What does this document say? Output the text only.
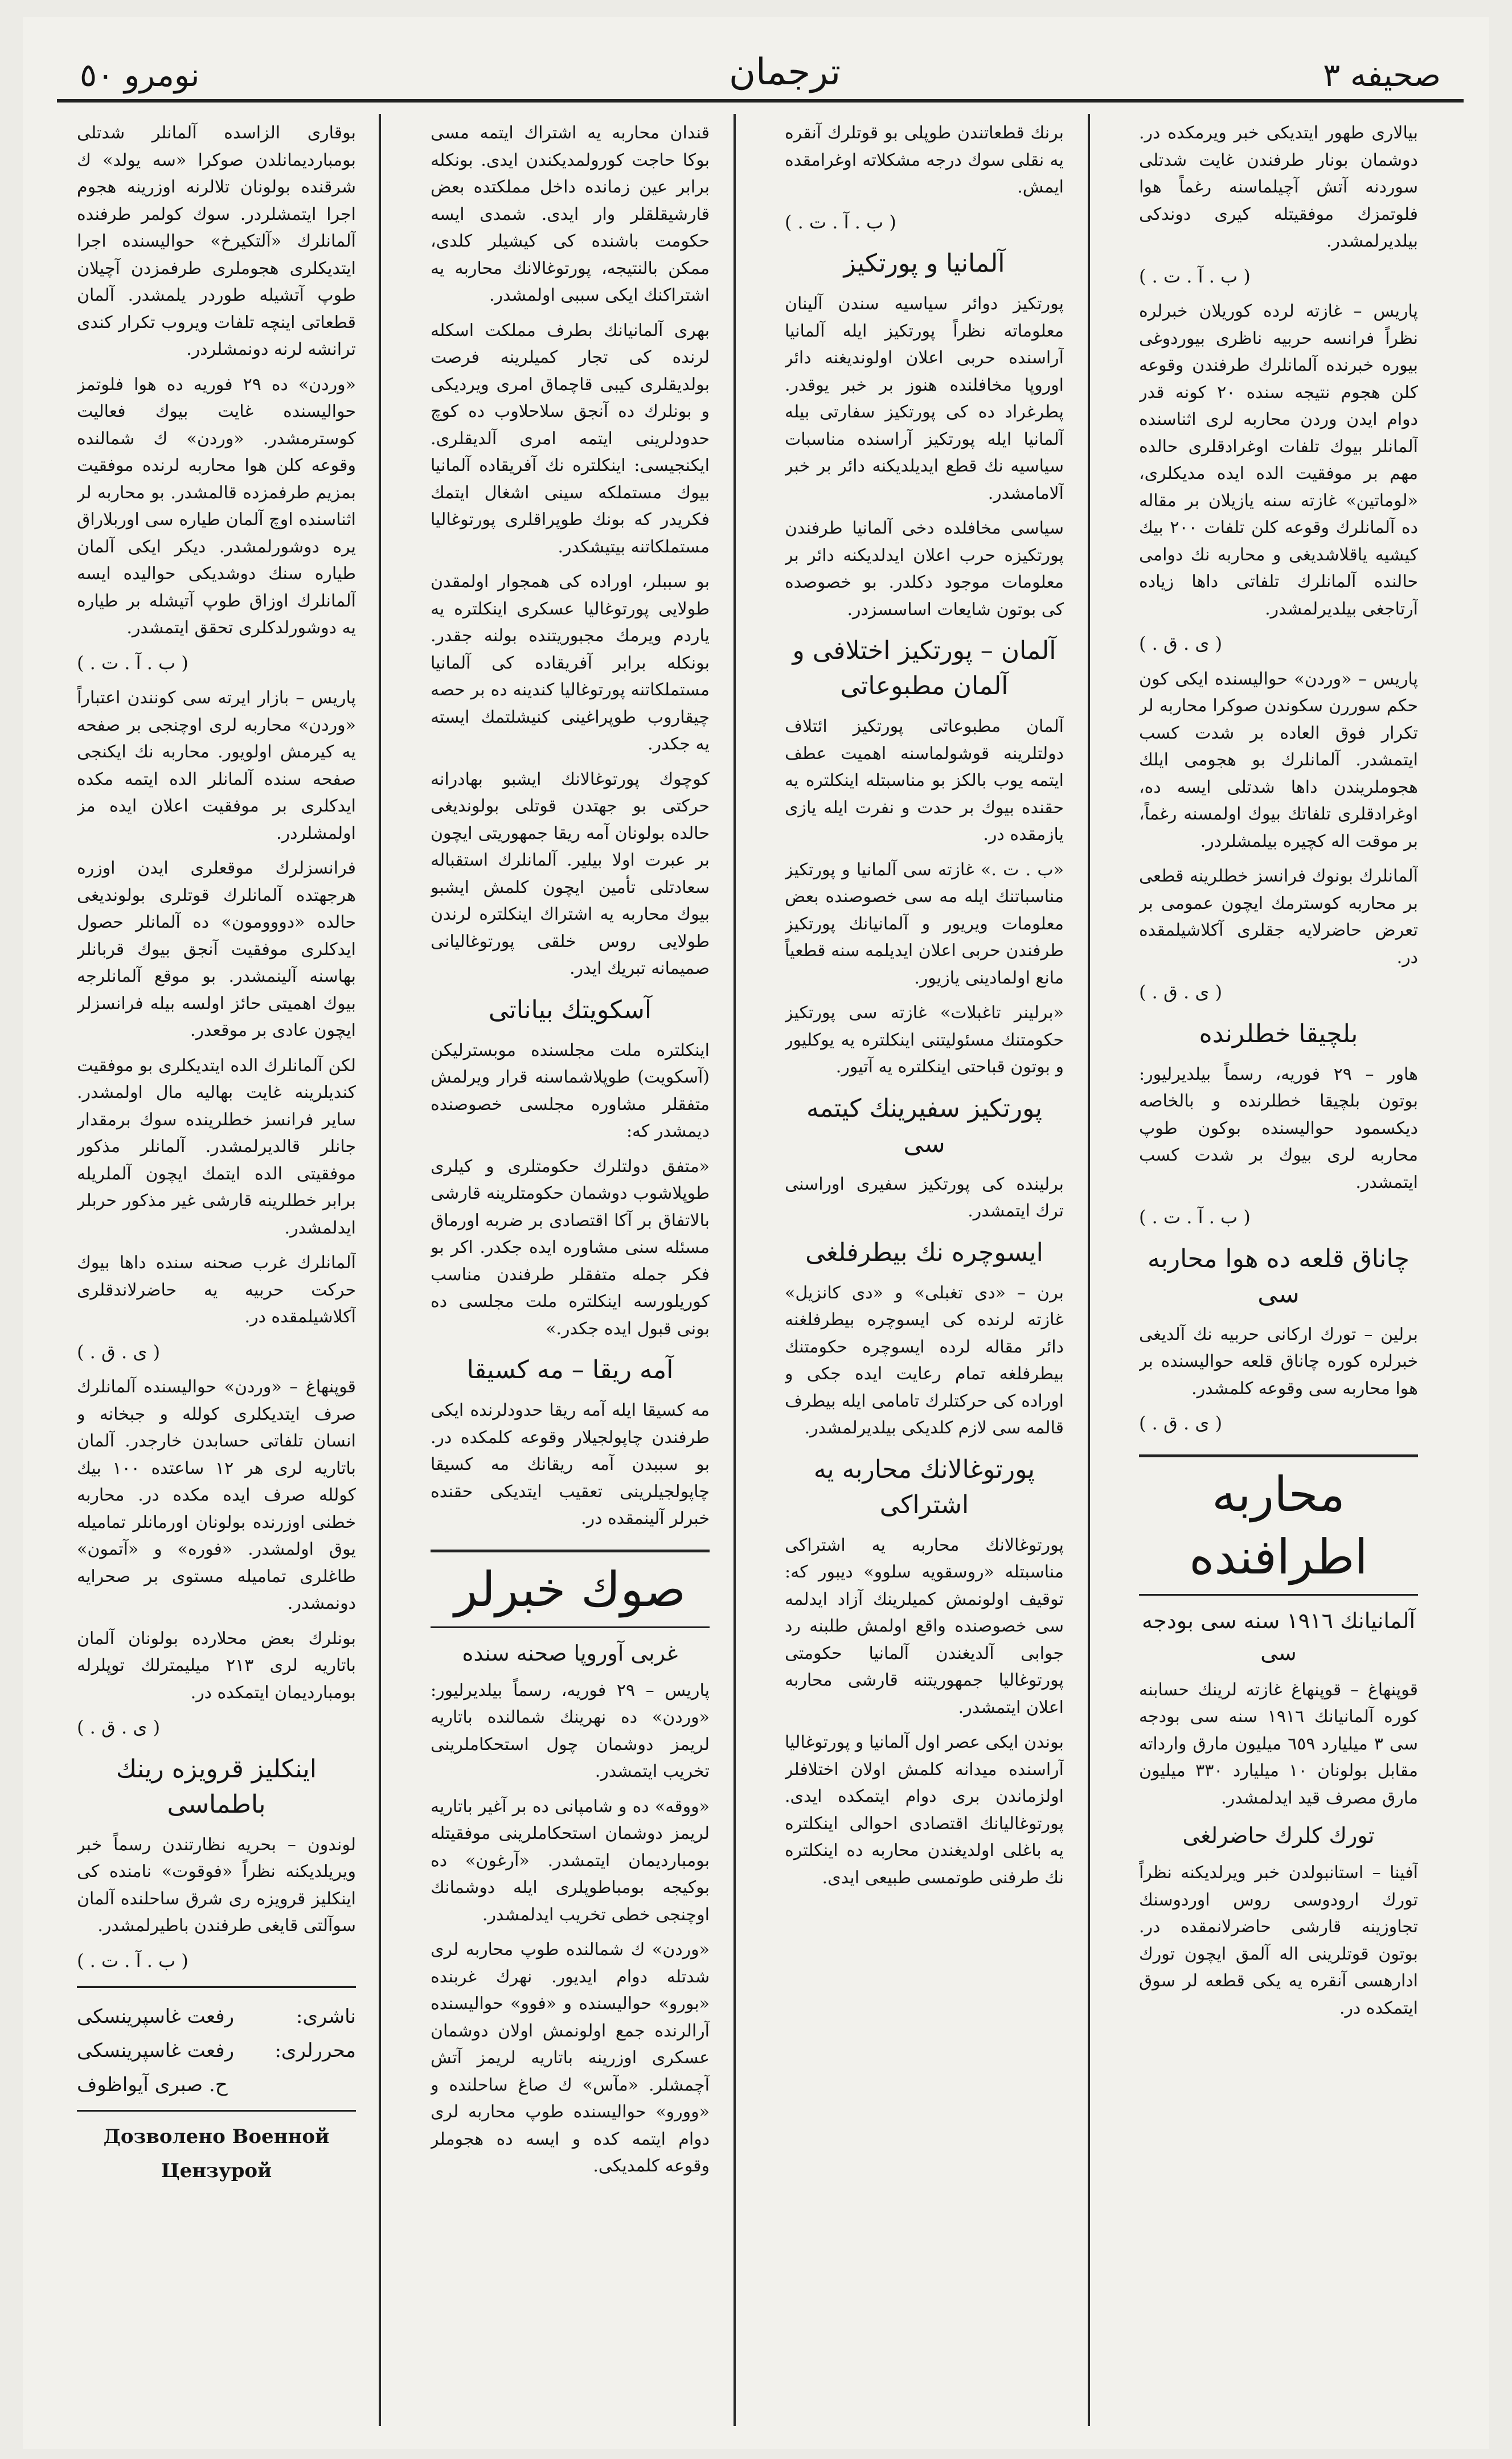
نومرو ٥٠	ترجمان	صحيفه ٣

بيالارى طهور ايتديكى خبر ويرمكده در. دوشمان بونار طرفندن غايت شدتلى سوردنه آتش آچيلماسنه رغماً هوا فلوتمزك موفقيتله كيرى دوندكى بيلديرلمشدر.

( ب . آ . ت . )

پاريس – غازته لرده كوريلان خبرلره نظراً فرانسه حربيه ناظرى بيوردوغى بيوره خبرنده آلمانلرك طرفندن وقوعه كلن هجوم نتيجه سنده ٢٠ كونه قدر دوام ايدن وردن محاربه لرى اثناسنده آلمانلر بيوك تلفات اوغرادقلرى حالده مهم بر موفقيت الده ايده مديكلرى، «لوماتين» غازته سنه يازيلان بر مقاله ده آلمانلرك وقوعه كلن تلفات ٢٠٠ بيك كيشيه ياقلاشديغى و محاربه نك دوامى حالنده آلمانلرك تلفاتى داها زياده آرتاجغى بيلديرلمشدر.

( ى . ق . )

پاريس – «وردن» حواليسنده ايكى كون حكم سوررن سكوندن صوكرا محاربه لر تكرار فوق العاده بر شدت كسب ايتمشدر. آلمانلرك بو هجومى ايلك هجوملريندن داها شدتلى ايسه ده، اوغرادقلرى تلفاتك بيوك اولمسنه رغماً، بر موقت اله كچيره بيلمشلردر.

آلمانلرك بونوك فرانسز خطلرينه قطعى بر محاربه كوسترمك ايچون عمومى بر تعرض حاضرلايه جقلرى آكلاشيلمقده در.

( ى . ق . )
بلچيقا خطلرنده

هاور – ٢٩ فوريه، رسماً بيلديرليور: بوتون بلچيقا خطلرنده و بالخاصه ديكسمود حواليسنده بوكون طوپ محاربه لرى بيوك بر شدت كسب ايتمشدر.

( ب . آ . ت . )
چاناق قلعه ده هوا محاربه سى

برلين – تورك اركانى حربيه نك آلديغى خبرلره كوره چاناق قلعه حواليسنده بر هوا محاربه سى وقوعه كلمشدر.

( ى . ق . )
محاربه اطرافنده
آلمانيانك ١٩١٦ سنه سى بودجه سى

قوپنهاغ – قوپنهاغ غازته لرينك حسابنه كوره آلمانيانك ١٩١٦ سنه سى بودجه سى ٣ ميليارد ٦٥٩ ميليون مارق وارداته مقابل بولونان ١٠ ميليارد ٣٣٠ ميليون مارق مصرف قيد ايدلمشدر.

تورك كلرك حاضرلغى

آفينا – استانبولدن خبر ويرلديكنه نظراً تورك ارودوسى روس اوردوسنك تجاوزينه قارشى حاضرلانمقده در. بوتون قوتلرينى اله آلمق ايچون تورك ادارهسى آنقره يه يكى قطعه لر سوق ايتمكده در.

برنك قطعاتندن طوپلى بو قوتلرك آنقره يه نقلى سوك درجه مشكلاته اوغرامقده ايمش.

( ب . آ . ت . )
آلمانيا و پورتكيز

پورتكيز دوائر سياسيه سندن آلينان معلوماته نظراً پورتكيز ايله آلمانيا آراسنده حربى اعلان اولونديغنه دائر اوروپا مخافلنده هنوز بر خبر يوقدر. پطرغراد ده كى پورتكيز سفارتى بيله آلمانيا ايله پورتكيز آراسنده مناسبات سياسيه نك قطع ايديلديكنه دائر بر خبر آلامامشدر.

سياسى مخافلده دخى آلمانيا طرفندن پورتكيزه حرب اعلان ايدلديكنه دائر بر معلومات موجود دكلدر. بو خصوصده كى بوتون شايعات اساسسزدر.

آلمان – پورتكيز اختلافى و آلمان مطبوعاتى

آلمان مطبوعاتى پورتكيز ائتلاف دولتلرينه قوشولماسنه اهميت عطف ايتمه يوب بالكز بو مناسبتله اينكلتره يه حقنده بيوك بر حدت و نفرت ايله يازى يازمقده در.

«ب . ت .» غازته سى آلمانيا و پورتكيز مناسباتنك ايله مه سى خصوصنده بعض معلومات ويريور و آلمانيانك پورتكيز طرفندن حربى اعلان ايديلمه سنه قطعياً مانع اولمادينى يازيور.

«برلينر تاغبلات» غازته سى پورتكيز حكومتنك مسئوليتنى اينكلتره يه يوكليور و بوتون قباحتى اينكلتره يه آتيور.

پورتكيز سفيرينك كيتمه سى

برلينده كى پورتكيز سفيرى اوراسنى ترك ايتمشدر.

ايسوچره نك بيطرفلغى

برن – «دى تغبلى» و «دى كانزيل» غازته لرنده كى ايسوچره بيطرفلغنه دائر مقاله لرده ايسوچره حكومتنك بيطرفلغه تمام رعايت ايده جكى و اوراده كى حركتلرك تامامى ايله بيطرف قالمه سى لازم كلديكى بيلديرلمشدر.

پورتوغالانك محاربه يه اشتراكى

پورتوغالانك محاربه يه اشتراكى مناسبتله «روسقويه سلوو» ديبور كه: توقيف اولونمش كميلرينك آزاد ايدلمه سى خصوصنده واقع اولمش طلبنه رد جوابى آلديغندن آلمانيا حكومتى پورتوغاليا جمهوريتنه قارشى محاربه اعلان ايتمشدر.

بوندن ايكى عصر اول آلمانيا و پورتوغاليا آراسنده ميدانه كلمش اولان اختلافلر اولزماندن برى دوام ايتمكده ايدى. پورتوغاليانك اقتصادى احوالى اينكلتره يه باغلى اولديغندن محاربه ده اينكلتره نك طرفنى طوتمسى طبيعى ايدى.

قندان محاربه يه اشتراك ايتمه مسى بوكا حاجت كورولمديكندن ايدى. بونكله برابر عين زمانده داخل مملكتده بعض قارشيقلقلر وار ايدى. شمدى ايسه حكومت باشنده كى كيشيلر كلدى، ممكن بالنتيجه، پورتوغالانك محاربه يه اشتراكنك ايكى سببى اولمشدر.

بهرى آلمانيانك بطرف مملكت اسكله لرنده كى تجار كميلرينه فرصت بولديقلرى كيبى قاچماق امرى ويرديكى و بونلرك ده آنجق سلاحلاوب ده كوچ حدودلرينى ايتمه امرى آلديقلرى. ايكنجيسى: اينكلتره نك آفريقاده آلمانيا بيوك مستملكه سينى اشغال ايتمك فكريدر كه بونك طوپراقلرى پورتوغاليا مستملكاتنه بيتيشكدر.

بو سببلر، اوراده كى همجوار اولمقدن طولايى پورتوغاليا عسكرى اينكلتره يه ياردم ويرمك مجبوريتنده بولنه جقدر. بونكله برابر آفريقاده كى آلمانيا مستملكاتنه پورتوغاليا كندينه ده بر حصه چيقاروب طوپراغينى كنيشلتمك ايسته يه جكدر.

كوچوك پورتوغالانك ايشبو بهادرانه حركتى بو جهتدن قوتلى بولونديغى حالده بولونان آمه ريقا جمهوريتى ايچون بر عبرت اولا بيلير. آلمانلرك استقباله سعادتلى تأمين ايچون كلمش ايشبو بيوك محاربه يه اشتراك اينكلتره لرندن طولايى روس خلقى پورتوغاليانى صميمانه تبريك ايدر.

آسكويتك بياناتى

اينكلتره ملت مجلسنده موبسترليكن (آسكويت) طوپلاشماسنه قرار ويرلمش متفقلر مشاوره مجلسى خصوصنده ديمشدر كه:

«متفق دولتلرك حكومتلرى و كيلرى طوپلاشوب دوشمان حكومتلرينه قارشى بالاتفاق بر آكا اقتصادى بر ضربه اورماق مسئله سنى مشاوره ايده جكدر. اكر بو فكر جمله متفقلر طرفندن مناسب كوريلورسه اينكلتره ملت مجلسى ده بونى قبول ايده جكدر.»

آمه ريقا – مه كسيقا

مه كسيقا ايله آمه ريقا حدودلرنده ايكى طرفندن چاپولجيلار وقوعه كلمكده در. بو سببدن آمه ريقانك مه كسيقا چاپولجيلرينى تعقيب ايتديكى حقنده خبرلر آلينمقده در.

صوك خبرلر
غربى آوروپا صحنه سنده

پاريس – ٢٩ فوريه، رسماً بيلديرليور: «وردن» ده نهرينك شمالنده باتاريه لريمز دوشمان چول استحكاملرينى تخريب ايتمشدر.

«ووقه» ده و شامپانى ده بر آغير باتاريه لريمز دوشمان استحكاملرينى موفقيتله بومبارديمان ايتمشدر. «آرغون» ده بوكيجه بومباطوپلرى ايله دوشمانك اوچنجى خطى تخريب ايدلمشدر.

«وردن» ك شمالنده طوپ محاربه لرى شدتله دوام ايديور. نهرك غربنده «بورو» حواليسنده و «فوو» حواليسنده آرالرنده جمع اولونمش اولان دوشمان عسكرى اوزرينه باتاريه لريمز آتش آچمشلر. «مآس» ك صاغ ساحلنده و «وورو» حواليسنده طوپ محاربه لرى دوام ايتمه كده و ايسه ده هجوملر وقوعه كلمديكى.

بوقارى الزاسده آلمانلر شدتلى بومبارديمانلدن صوكرا «سه يولد» ك شرقنده بولونان تلالرنه اوزرينه هجوم اجرا ايتمشلردر. سوك كولمر طرفنده آلمانلرك «آلتكيرخ» حواليسنده اجرا ايتديكلرى هجوملرى طرفمزدن آچيلان طوپ آتشيله طوردر يلمشدر. آلمان قطعاتى اينچه تلفات ويروب تكرار كندى ترانشه لرنه دونمشلردر.

«وردن» ده ٢٩ فوريه ده هوا فلوتمز حواليسنده غايت بيوك فعاليت كوسترمشدر. «وردن» ك شمالنده وقوعه كلن هوا محاربه لرنده موفقيت بمزيم طرفمزده قالمشدر. بو محاربه لر اثناسنده اوچ آلمان طياره سى اوربلاراق يره دوشورلمشدر. ديكر ايكى آلمان طياره سنك دوشديكى حواليده ايسه آلمانلرك اوزاق طوپ آتيشله بر طياره يه دوشورلدكلرى تحقق ايتمشدر.

( ب . آ . ت . )

پاريس – بازار ايرته سى كونندن اعتباراً «وردن» محاربه لرى اوچنجى بر صفحه يه كيرمش اولويور. محاربه نك ايكنجى صفحه سنده آلمانلر الده ايتمه مكده ايدكلرى بر موفقيت اعلان ايده مز اولمشلردر.

فرانسزلرك موقعلرى ايدن اوزره هرجهتده آلمانلرك قوتلرى بولونديغى حالده «دووومون» ده آلمانلر حصول ايدكلرى موفقيت آنجق بيوك قربانلر بهاسنه آلينمشدر. بو موقع آلمانلرجه بيوك اهميتى حائز اولسه بيله فرانسزلر ايچون عادى بر موقعدر.

لكن آلمانلرك الده ايتديكلرى بو موفقيت كنديلرينه غايت بهاليه مال اولمشدر. ساير فرانسز خطلرينده سوك برمقدار جانلر قالديرلمشدر. آلمانلر مذكور موفقيتى الده ايتمك ايچون آلملريله برابر خطلرينه قارشى غير مذكور حربلر ايدلمشدر.

آلمانلرك غرب صحنه سنده داها بيوك حركت حربيه يه حاضرلاندقلرى آكلاشيلمقده در.

( ى . ق . )

قوپنهاغ – «وردن» حواليسنده آلمانلرك صرف ايتديكلرى كولله و جبخانه و انسان تلفاتى حسابدن خارجدر. آلمان باتاريه لرى هر ١٢ ساعتده ١٠٠ بيك كولله صرف ايده مكده در. محاربه خطنى اوزرنده بولونان اورمانلر تماميله يوق اولمشدر. «فوره» و «آتمون» طاغلرى تماميله مستوى بر صحرايه دونمشدر.

بونلرك بعض محلارده بولونان آلمان باتاريه لرى ٢١٣ ميليمترلك توپلرله بومبارديمان ايتمكده در.

( ى . ق . )
اينكليز قرويزه رينك باطماسى

لوندون – بحريه نظارتندن رسماً خبر ويريلديكنه نظراً «فوقوت» نامنده كى اينكليز قرويزه رى شرق ساحلنده آلمان سوآلتى قايغى طرفندن باطيرلمشدر.

( ب . آ . ت . )
ناشرى:
رفعت غاسپرينسكى
محررلرى:
رفعت غاسپرينسكى
ح. صبرى آيواظوف
Дозволено Военной Цензурой
